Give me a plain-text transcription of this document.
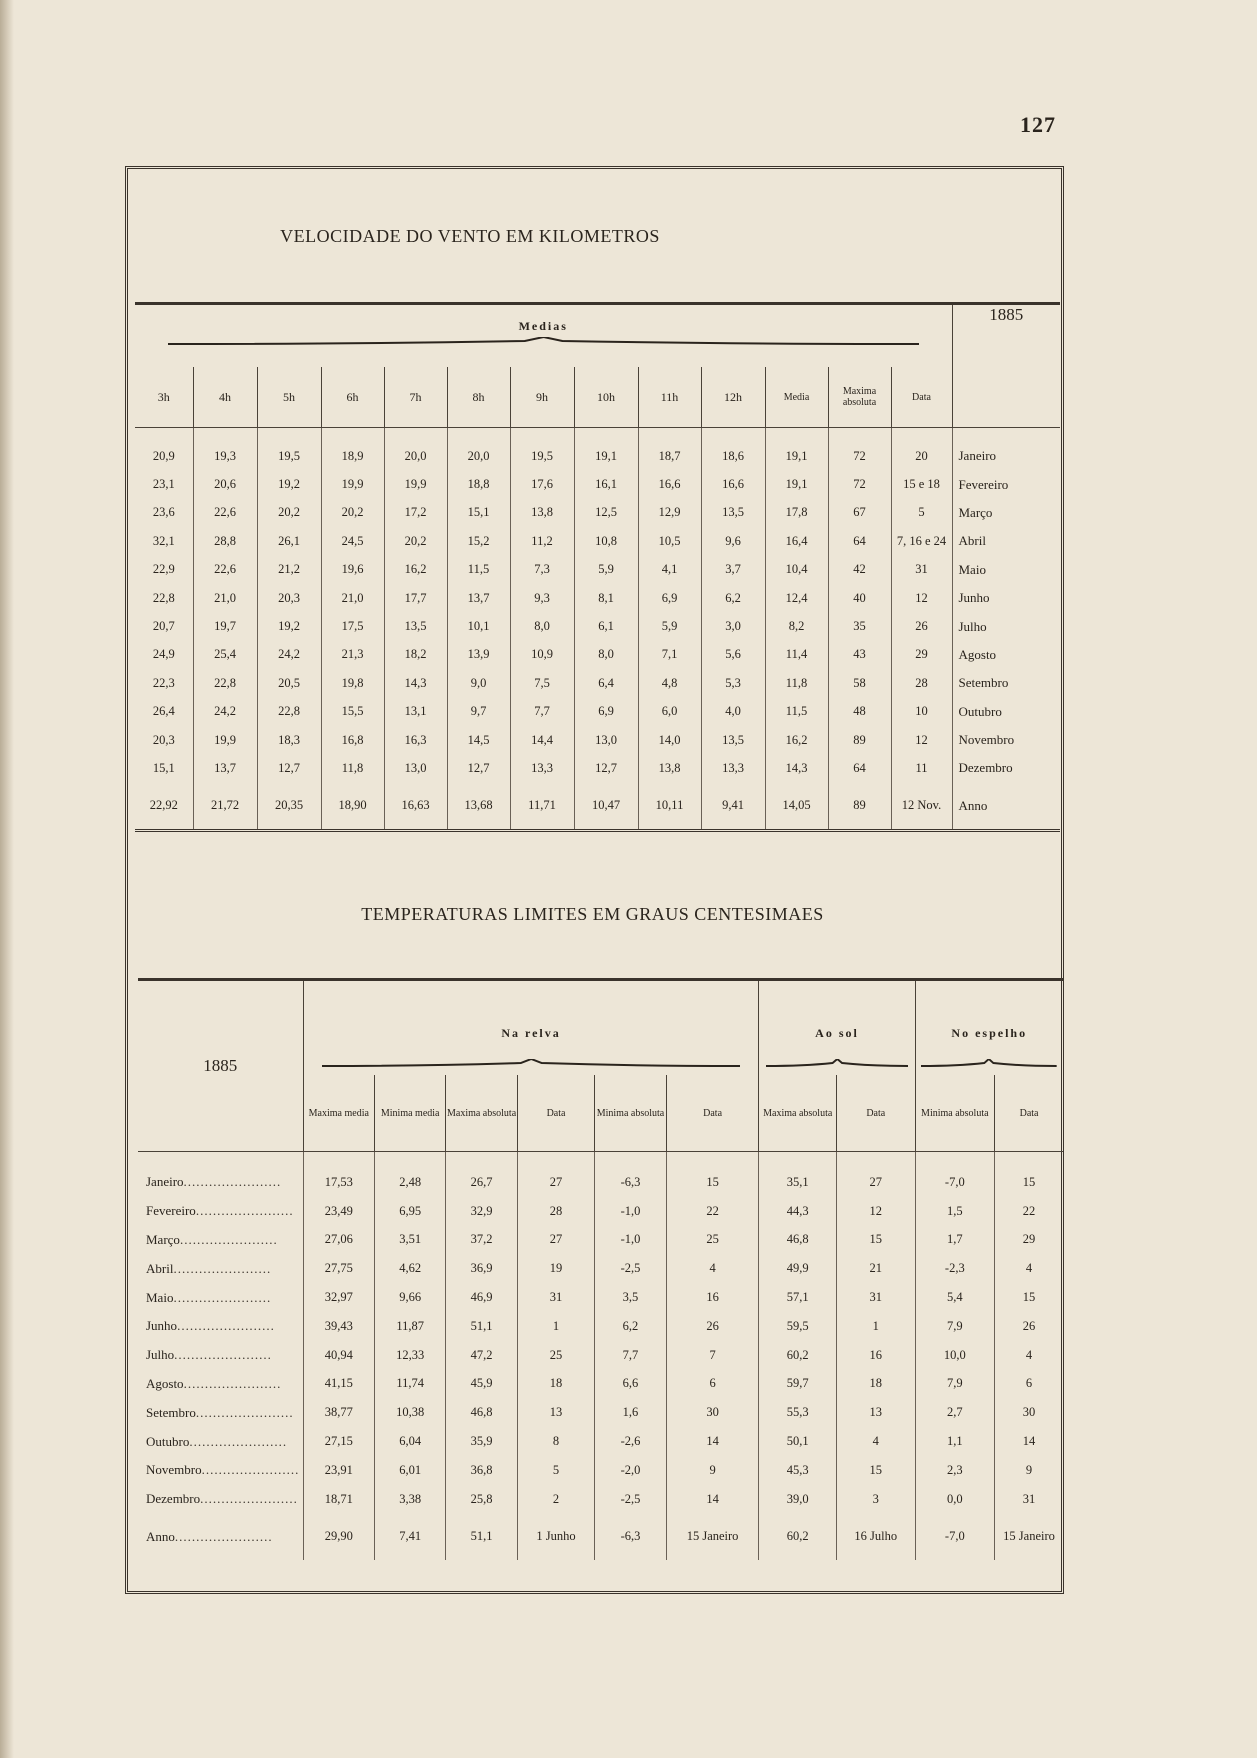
127
VELOCIDADE DO VENTO EM KILOMETROS
Medias													1885
3h	4h	5h	6h	7h	8h	9h	10h	11h	12h	Media	Maxima absoluta	Data	
20,9	19,3	19,5	18,9	20,0	20,0	19,5	19,1	18,7	18,6	19,1	72	20	Janeiro
23,1	20,6	19,2	19,9	19,9	18,8	17,6	16,1	16,6	16,6	19,1	72	15 e 18	Fevereiro
23,6	22,6	20,2	20,2	17,2	15,1	13,8	12,5	12,9	13,5	17,8	67	5	Março
32,1	28,8	26,1	24,5	20,2	15,2	11,2	10,8	10,5	9,6	16,4	64	7, 16 e 24	Abril
22,9	22,6	21,2	19,6	16,2	11,5	7,3	5,9	4,1	3,7	10,4	42	31	Maio
22,8	21,0	20,3	21,0	17,7	13,7	9,3	8,1	6,9	6,2	12,4	40	12	Junho
20,7	19,7	19,2	17,5	13,5	10,1	8,0	6,1	5,9	3,0	8,2	35	26	Julho
24,9	25,4	24,2	21,3	18,2	13,9	10,9	8,0	7,1	5,6	11,4	43	29	Agosto
22,3	22,8	20,5	19,8	14,3	9,0	7,5	6,4	4,8	5,3	11,8	58	28	Setembro
26,4	24,2	22,8	15,5	13,1	9,7	7,7	6,9	6,0	4,0	11,5	48	10	Outubro
20,3	19,9	18,3	16,8	16,3	14,5	14,4	13,0	14,0	13,5	16,2	89	12	Novembro
15,1	13,7	12,7	11,8	13,0	12,7	13,3	12,7	13,8	13,3	14,3	64	11	Dezembro
22,92	21,72	20,35	18,90	16,63	13,68	11,71	10,47	10,11	9,41	14,05	89	12 Nov.	Anno
TEMPERATURAS LIMITES EM GRAUS CENTESIMAES
1885	Na relva						Ao sol		No espelho	

	Maxima media	Minima media	Maxima absoluta	Data	Minima absoluta	Data	Maxima absoluta	Data	Minima absoluta	Data
Janeiro.......................	17,53	2,48	26,7	27	-6,3	15	35,1	27	-7,0	15
Fevereiro.......................	23,49	6,95	32,9	28	-1,0	22	44,3	12	1,5	22
Março.......................	27,06	3,51	37,2	27	-1,0	25	46,8	15	1,7	29
Abril.......................	27,75	4,62	36,9	19	-2,5	4	49,9	21	-2,3	4
Maio.......................	32,97	9,66	46,9	31	3,5	16	57,1	31	5,4	15
Junho.......................	39,43	11,87	51,1	1	6,2	26	59,5	1	7,9	26
Julho.......................	40,94	12,33	47,2	25	7,7	7	60,2	16	10,0	4
Agosto.......................	41,15	11,74	45,9	18	6,6	6	59,7	18	7,9	6
Setembro.......................	38,77	10,38	46,8	13	1,6	30	55,3	13	2,7	30
Outubro.......................	27,15	6,04	35,9	8	-2,6	14	50,1	4	1,1	14
Novembro.......................	23,91	6,01	36,8	5	-2,0	9	45,3	15	2,3	9
Dezembro.......................	18,71	3,38	25,8	2	-2,5	14	39,0	3	0,0	31
Anno.......................	29,90	7,41	51,1	1 Junho	-6,3	15 Janeiro	60,2	16 Julho	-7,0	15 Janeiro
